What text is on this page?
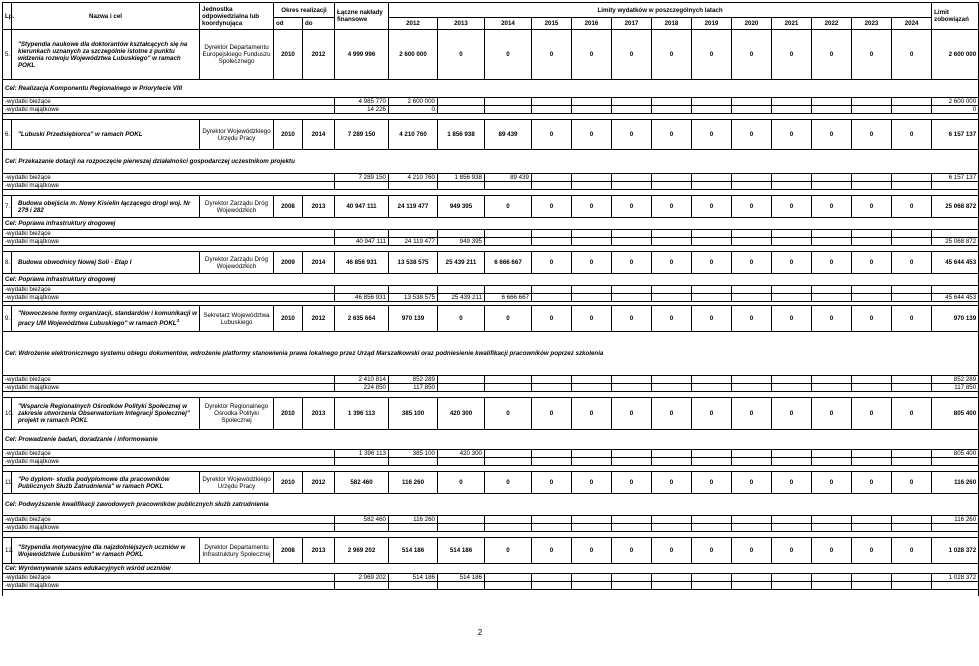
Lp.	Nazwa i cel	Jednostka odpowiedzialna lub koordynująca	Okres realizacji		Łączne nakłady finansowe	Limity wydatków w poszczególnych latach													Limit zobowiązań
			od	do		2012	2013	2014	2015	2016	2017	2018	2019	2020	2021	2022	2023	2024	
5.	"Stypendia naukowe dla doktorantów kształcących się na kierunkach uznanych za szczególnie istotne z punktu widzenia rozwoju Województwa Lubuskiego" w ramach POKL	Dyrektor Departamentu Europejskiego Funduszu Społecznego	2010	2012	4 999 996	2 600 000	0	0	0	0	0	0	0	0	0	0	0	0	2 600 000
Cel: Realizacja Komponentu Regionalnego w Priorytecie VIII																			
-wydatki bieżące					4 985 770	2 600 000													2 600 000
-wydatki majątkowe					14 226	0													0

6.	"Lubuski Przedsiębiorca" w ramach POKL	Dyrektor Wojewódzkiego Urzędu Pracy	2010	2014	7 289 150	4 210 760	1 856 938	89 439	0	0	0	0	0	0	0	0	0	0	6 157 137
Cel: Przekazanie dotacji na rozpoczęcie pierwszej działalności gospodarczej uczestnikom projektu																			
-wydatki bieżące					7 289 150	4 210 760	1 856 938	89 439											6 157 137
-wydatki majątkowe																			

7.	Budowa obejścia m. Nowy Kisielin łączącego drogi woj. Nr 279 i 282	Dyrektor Zarządu Dróg Wojewódzkich	2008	2013	40 947 111	24 119 477	949 395	0	0	0	0	0	0	0	0	0	0	0	25 068 872
Cel: Poprawa infrastruktury drogowej																			
-wydatki bieżące																			
-wydatki majątkowe					40 947 111	24 119 477	949 395												25 068 872

8.	Budowa obwodnicy Nowej Soli - Etap I	Dyrektor Zarządu Dróg Wojewódzkich	2009	2014	46 856 931	13 538 575	25 439 211	6 666 667	0	0	0	0	0	0	0	0	0	0	45 644 453
Cel: Poprawa infrastruktury drogowej																			
-wydatki bieżące																			
-wydatki majątkowe					46 856 931	13 538 575	25 439 211	6 666 667											45 644 453

9.	"Nowoczesne formy organizacji, standardów i komunikacji w pracy UM Województwa Lubuskiego" w ramach POKL$^3$	Sekretarz Województwa Lubuskiego	2010	2012	2 635 664	970 139	0	0	0	0	0	0	0	0	0	0	0	0	970 139
Cel: Wdrożenie elektronicznego systemu obiegu dokumentów, wdrożenie platformy stanowienia prawa lokalnego przez Urząd Marszałkowski oraz podniesienie kwalifikacji pracowników poprzez szkolenia																			
-wydatki bieżące					2 410 814	852 289													852 289
-wydatki majątkowe					224 850	117 850													117 850

10.	"Wsparcie Regionalnych Ośrodków Polityki Społecznej w zakresie utworzenia Obserwatorium Integracji Społecznej" projekt w ramach POKL	Dyrektor Regionalnego Ośrodka Polityki Społecznej	2010	2013	1 396 113	385 100	420 300	0	0	0	0	0	0	0	0	0	0	0	805 400
Cel: Prowadzenie badań, doradzanie i informowanie																			
-wydatki bieżące					1 396 113	385 100	420 300												805 400
-wydatki majątkowe																			

11.	"Po dyplom- studia podyplomowe dla pracowników Publicznych Służb Zatrudnienia" w ramach POKL	Dyrektor Wojewódzkiego Urzędu Pracy	2010	2012	582 460	116 260	0	0	0	0	0	0	0	0	0	0	0	0	116 260
Cel: Podwyższenie kwalifikacji zawodowych pracowników publicznych służb zatrudnienia																			
-wydatki bieżące					582 460	116 260													116 260
-wydatki majątkowe																			

12.	"Stypendia motywacyjne dla najzdolniejszych uczniów w Województwie Lubuskim" w ramach POKL	Dyrektor Departamentu Infrastruktury Społecznej	2008	2013	2 969 202	514 186	514 186	0	0	0	0	0	0	0	0	0	0	0	1 028 372
Cel: Wyrównywanie szans edukacyjnych wśród uczniów																			
-wydatki bieżące					2 969 202	514 186	514 186												1 028 372
-wydatki majątkowe																			

2
